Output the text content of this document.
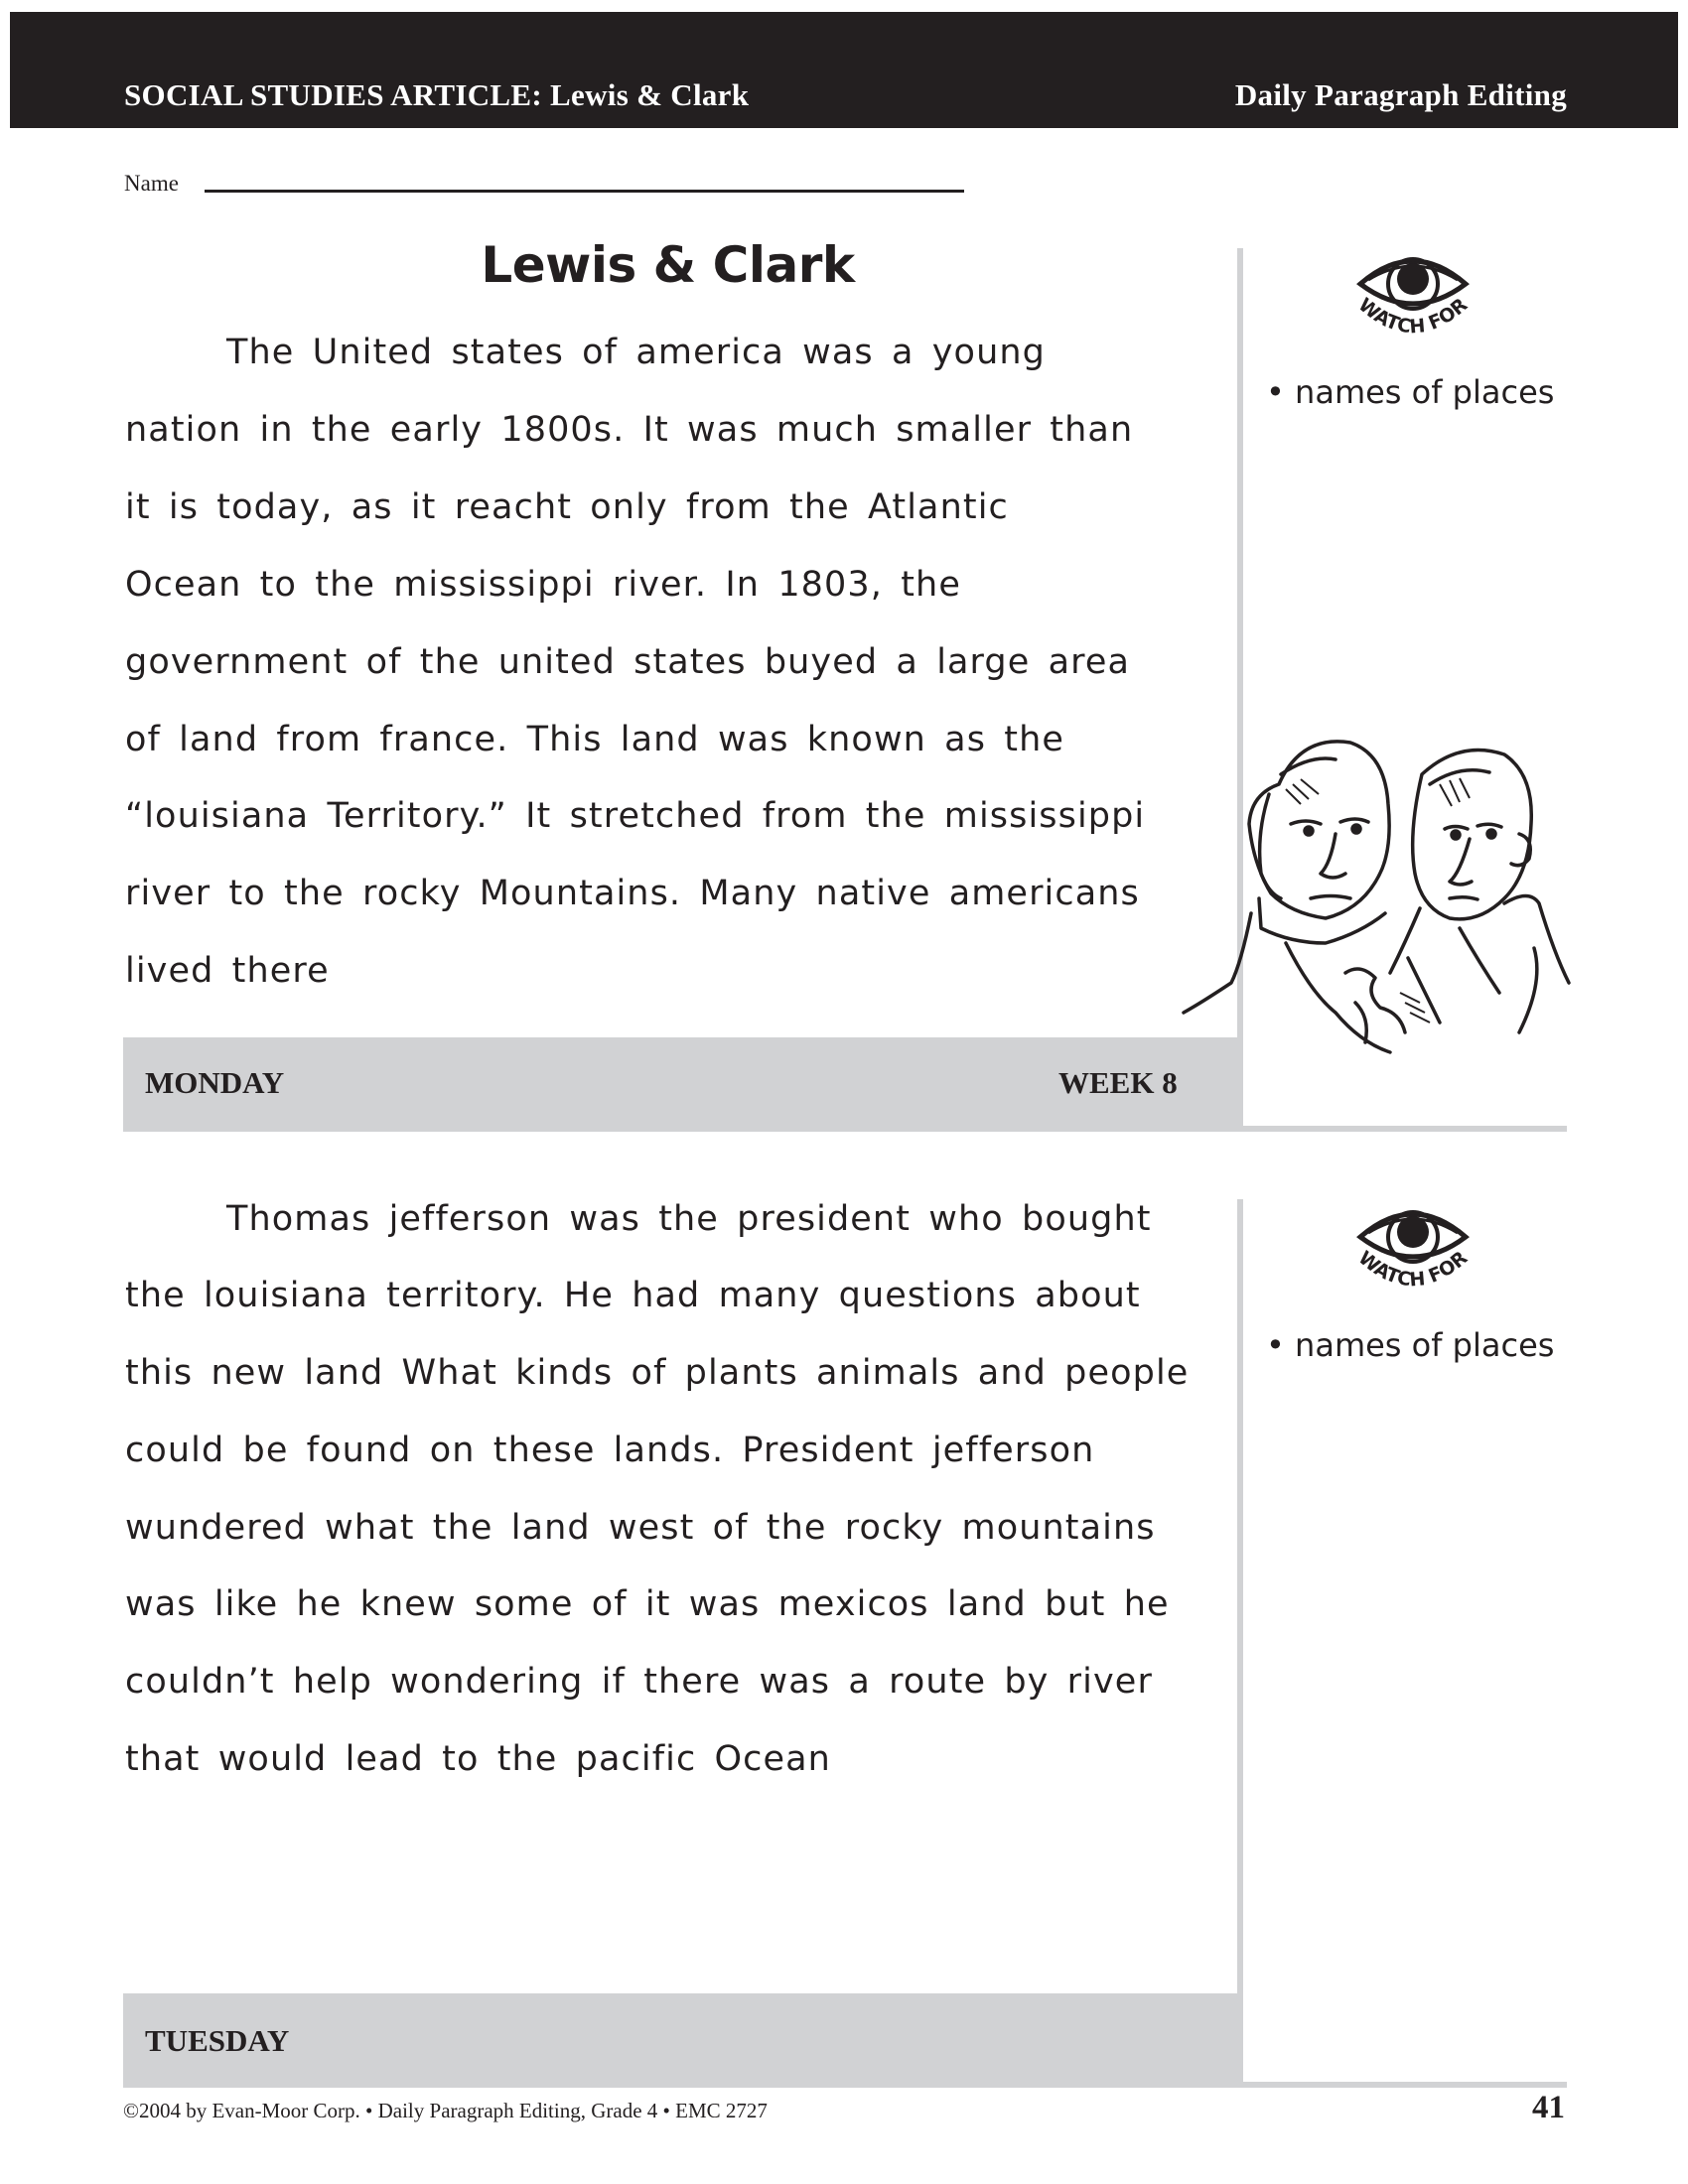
SOCIAL STUDIES ARTICLE: Lewis & Clark	Daily Paragraph Editing
Name
Lewis & Clark
The United states of america was a young
nation in the early 1800s. It was much smaller than
it is today, as it reacht only from the Atlantic
Ocean to the mississippi river. In 1803, the
government of the united states buyed a large area
of land from france. This land was known as the
“louisiana Territory.” It stretched from the mississippi
river to the rocky Mountains. Many native americans
lived there
WATCH FOR
• names of places
MONDAY	WEEK 8
Thomas jefferson was the president who bought
the louisiana territory. He had many questions about
this new land What kinds of plants animals and people
could be found on these lands. President jefferson
wundered what the land west of the rocky mountains
was like he knew some of it was mexicos land but he
couldn’t help wondering if there was a route by river
that would lead to the pacific Ocean
WATCH FOR
• names of places
TUESDAY
©2004 by Evan-Moor Corp. • Daily Paragraph Editing, Grade 4 • EMC 2727	41
